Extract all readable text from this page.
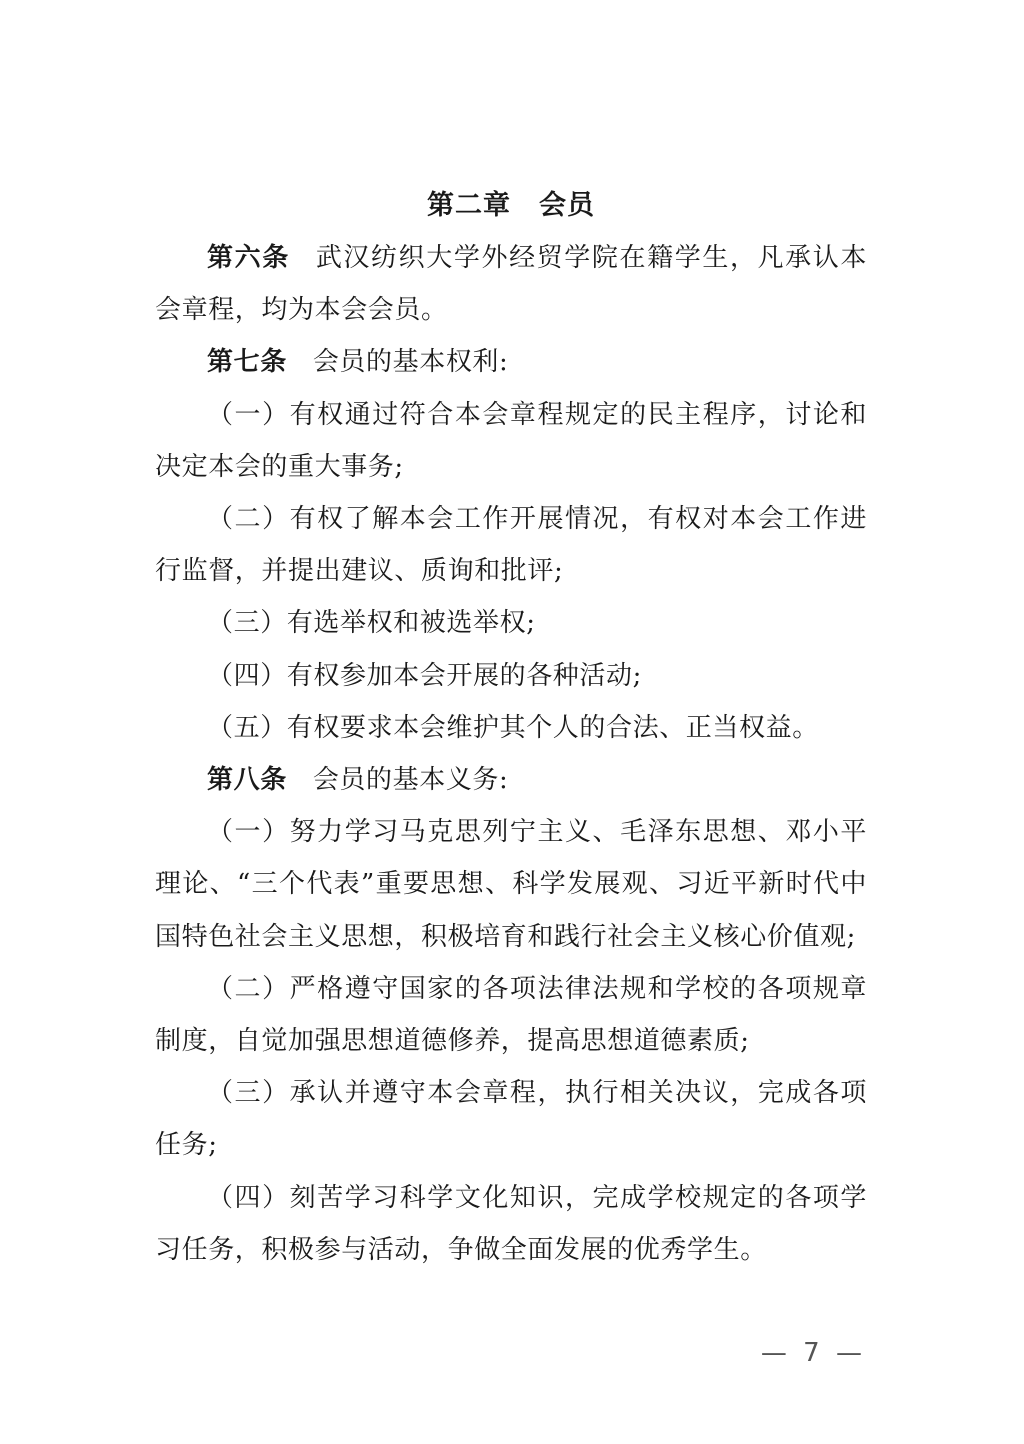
第二章 会员

第六条 武汉纺织大学外经贸学院在籍学生，凡承认本会章程，均为本会会员。

第七条 会员的基本权利:

（一）有权通过符合本会章程规定的民主程序，讨论和决定本会的重大事务;

（二）有权了解本会工作开展情况，有权对本会工作进行监督，并提出建议、质询和批评;

（三）有选举权和被选举权;

（四）有权参加本会开展的各种活动;

（五）有权要求本会维护其个人的合法、正当权益。

第八条 会员的基本义务:

（一）努力学习马克思列宁主义、毛泽东思想、邓小平理论、“三个代表”重要思想、科学发展观、习近平新时代中国特色社会主义思想，积极培育和践行社会主义核心价值观;

（二）严格遵守国家的各项法律法规和学校的各项规章制度，自觉加强思想道德修养，提高思想道德素质;

（三）承认并遵守本会章程，执行相关决议，完成各项任务;

（四）刻苦学习科学文化知识，完成学校规定的各项学习任务，积极参与活动，争做全面发展的优秀学生。

— 7 —
